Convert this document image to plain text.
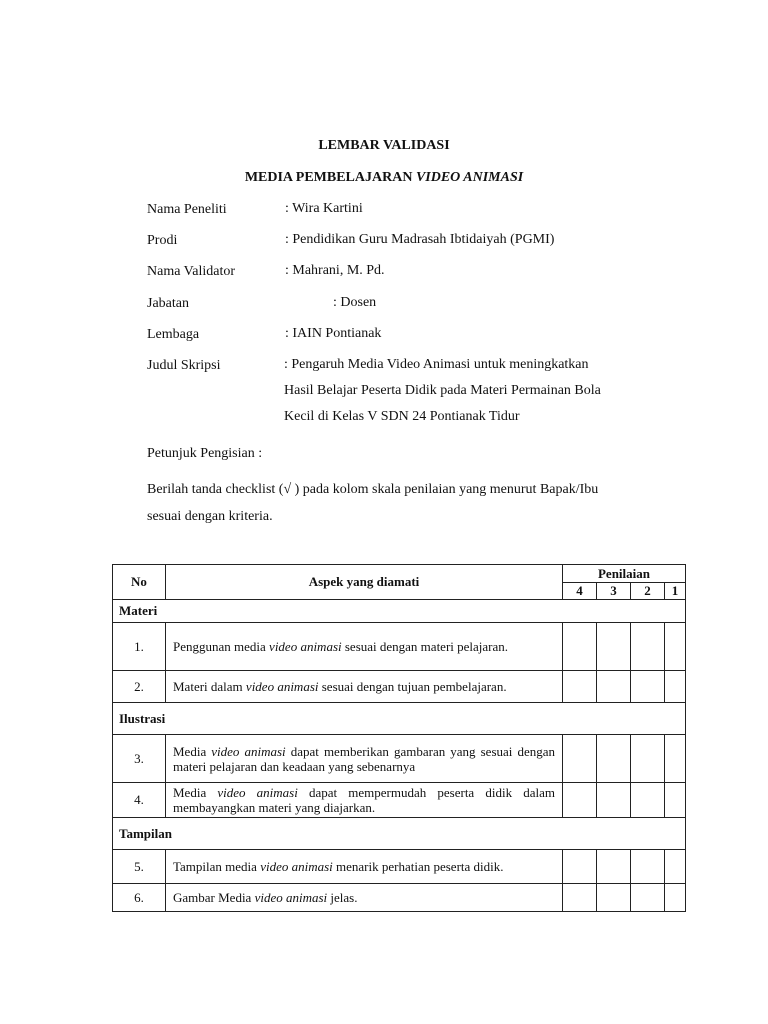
LEMBAR VALIDASI
MEDIA PEMBELAJARAN VIDEO ANIMASI
Nama Peneliti	: Wira Kartini
Prodi	: Pendidikan Guru Madrasah Ibtidaiyah (PGMI)
Nama Validator	: Mahrani, M. Pd.
Jabatan	: Dosen
Lembaga	: IAIN Pontianak
Judul Skripsi	: Pengaruh Media Video Animasi untuk meningkatkan
Hasil Belajar Peserta Didik pada Materi Permainan Bola
Kecil di Kelas V SDN 24 Pontianak Tidur
Petunjuk Pengisian :
Berilah tanda checklist (√ ) pada kolom skala penilaian yang menurut Bapak/Ibu
sesuai dengan kriteria.
No	Aspek yang diamati	Penilaian			
		4	3	2	1
Materi					
1.	Penggunan media video animasi sesuai dengan materi pelajaran.				
2.	Materi dalam video animasi sesuai dengan tujuan pembelajaran.				
Ilustrasi					
3.	Media video animasi dapat memberikan gambaran yang sesuai dengan materi pelajaran dan keadaan yang sebenarnya				
4.	Media video animasi dapat mempermudah peserta didik dalam membayangkan materi yang diajarkan.				
Tampilan					
5.	Tampilan media video animasi menarik perhatian peserta didik.				
6.	Gambar Media video animasi jelas.				
